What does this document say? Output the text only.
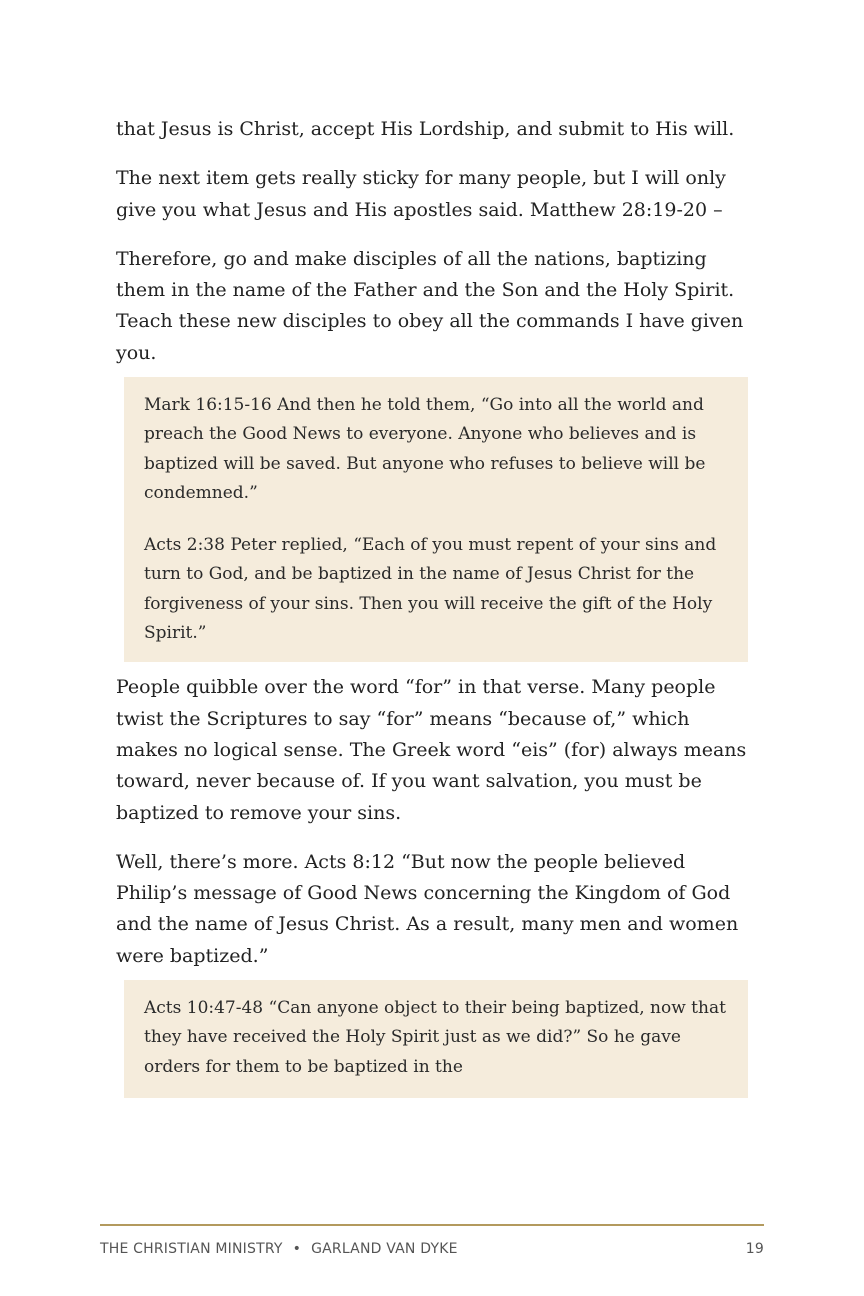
that Jesus is Christ, accept His Lordship, and submit to His will.

The next item gets really sticky for many people, but I will only give you what Jesus and His apostles said. Matthew 28:19-20 –

Therefore, go and make disciples of all the nations, baptizing them in the name of the Father and the Son and the Holy Spirit. Teach these new disciples to obey all the commands I have given you.

Mark 16:15-16 And then he told them, “Go into all the world and preach the Good News to everyone. Anyone who believes and is baptized will be saved. But anyone who refuses to believe will be condemned.”

Acts 2:38 Peter replied, “Each of you must repent of your sins and turn to God, and be baptized in the name of Jesus Christ for the forgiveness of your sins. Then you will receive the gift of the Holy Spirit.”

People quibble over the word “for” in that verse. Many people twist the Scriptures to say “for” means “because of,” which makes no logical sense. The Greek word “eis” (for) always means toward, never because of. If you want salvation, you must be baptized to remove your sins.

Well, there’s more. Acts 8:12 “But now the people believed Philip’s message of Good News concerning the Kingdom of God and the name of Jesus Christ. As a result, many men and women were baptized.”

Acts 10:47-48 “Can anyone object to their being baptized, now that they have received the Holy Spirit just as we did?” So he gave orders for them to be baptized in the

THE CHRISTIAN MINISTRY • GARLAND VAN DYKE	19
